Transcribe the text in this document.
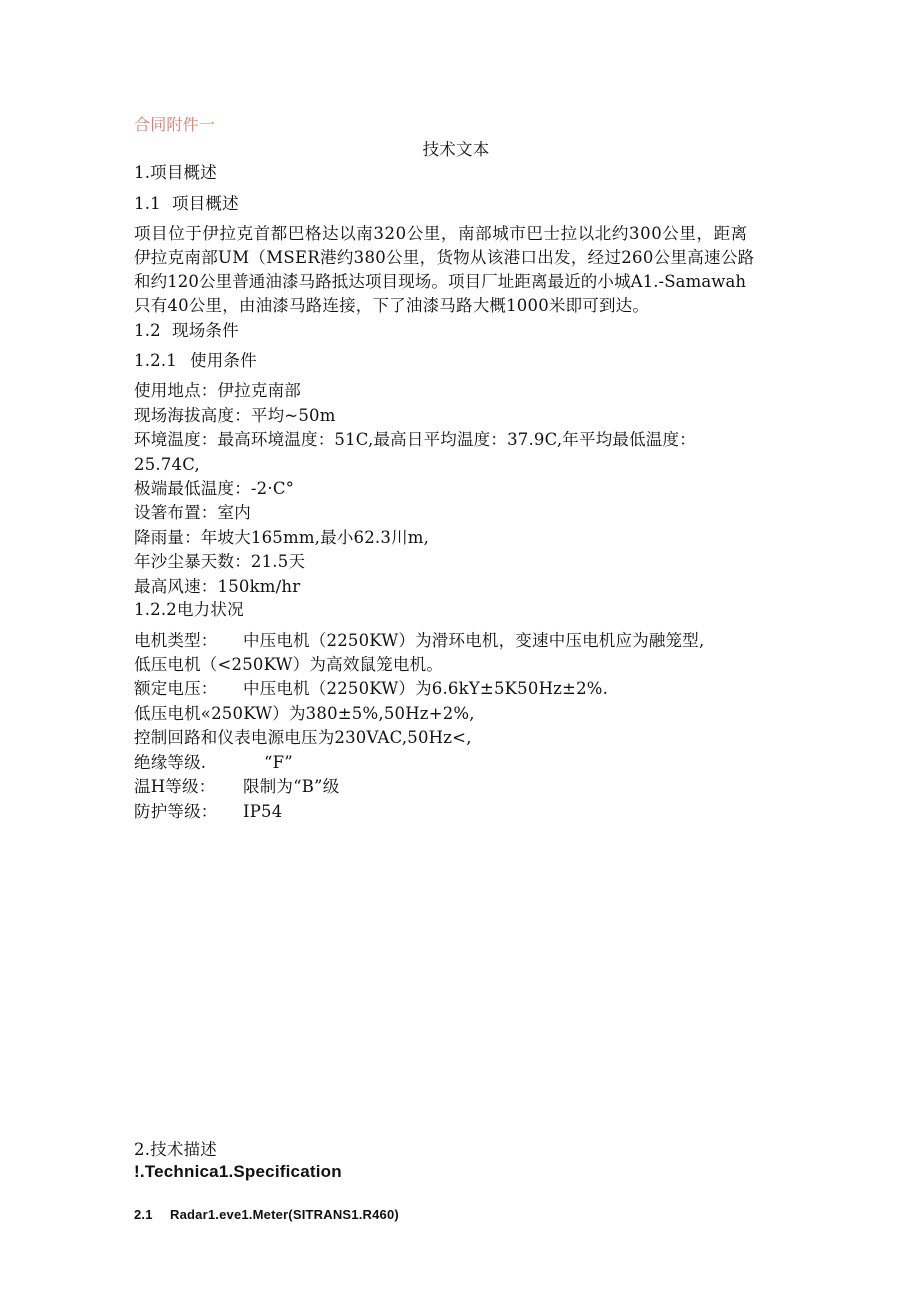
合同附件一
技术文本
1.项目概述
1.1 项目概述
项目位于伊拉克首都巴格达以南320公里，南部城市巴士拉以北约300公里，距离
伊拉克南部UM（MSER港约380公里，货物从该港口出发，经过260公里高速公路
和约120公里普通油漆马路抵达项目现场。项目厂址距离最近的小城A1.-Samawah
只有40公里，由油漆马路连接，下了油漆马路大概1000米即可到达。
1.2 现场条件
1.2.1 使用条件
使用地点：伊拉克南部
现场海拔高度：平均~50m
环境温度：最高环境温度：51C,最高日平均温度：37.9C,年平均最低温度：
25.74C,
极端最低温度：-2·C°
设箸布置：室内
降雨量：年坡大165mm,最小62.3川m,
年沙尘暴天数：21.5天
最高风速：150km∕hr
1.2.2电力状况
电机类型： 中压电机（2250KW）为滑环电机，变速中压电机应为融笼型,
低压电机（<250KW）为高效鼠笼电机。
额定电压： 中压电机（2250KW）为6.6kY±5K50Hz±2%.
低压电机«250KW）为380±5%,50Hz+2%,
控制回路和仪表电源电压为230VAC,50Hz<,
绝缘等级.	“F”
温H等级： 限制为“B”级
防护等级： IP54
2.技术描述
!.Technica1.Specification
2.1 Radar1.eve1.Meter(SITRANS1.R460)
